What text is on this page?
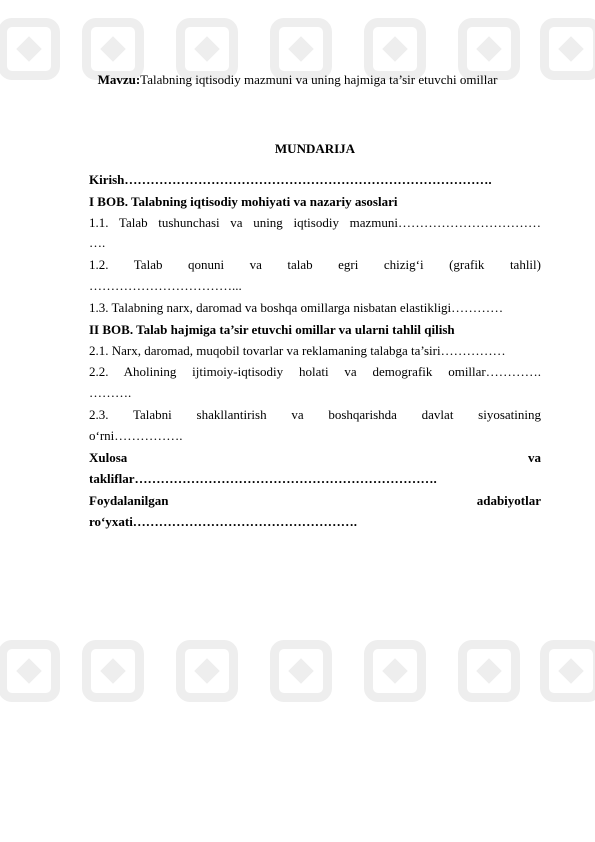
Mavzu:Talabning iqtisodiy mazmuni va uning hajmiga ta’sir etuvchi omillar
MUNDARIJA
Kirish………………………………………………………………………….
I BOB. Talabning iqtisodiy mohiyati va nazariy asoslari
1.1. Talab tushunchasi va uning iqtisodiy mazmuni……………………………
….
1.2. Talab qonuni va talab egri chizig‘i (grafik tahlil)
……………………………...
1.3. Talabning narx, daromad va boshqa omillarga nisbatan elastikligi…………
II BOB. Talab hajmiga ta’sir etuvchi omillar va ularni tahlil qilish
2.1. Narx, daromad, muqobil tovarlar va reklamaning talabga ta’siri……………
2.2. Aholining ijtimoiy-iqtisodiy holati va demografik omillar………….
……….
2.3. Talabni shakllantirish va boshqarishda davlat siyosatining
o‘rni…………….
Xulosa va
takliflar…………………………………………………………….
Foydalanilgan adabiyotlar
ro‘yxati…………………………………………….
